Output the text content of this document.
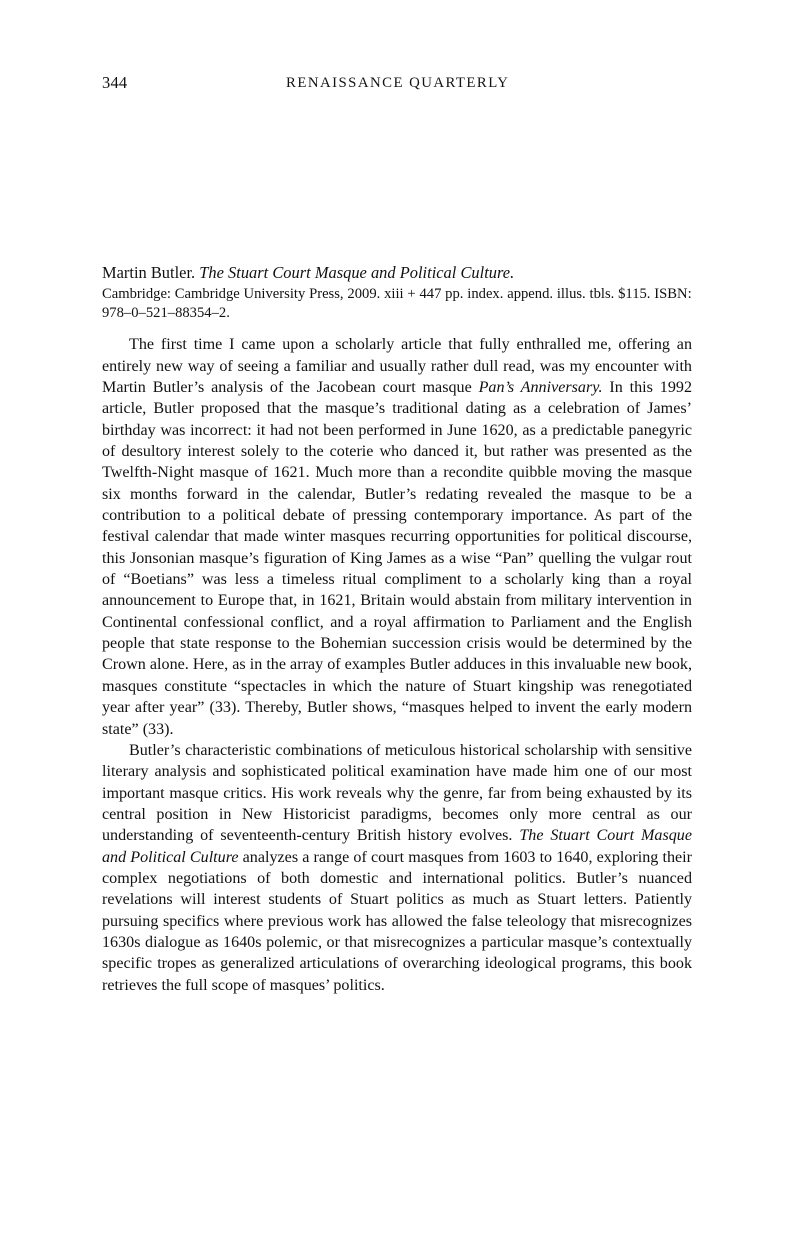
344	RENAISSANCE QUARTERLY

Martin Butler. The Stuart Court Masque and Political Culture.

Cambridge: Cambridge University Press, 2009. xiii + 447 pp. index. append. illus. tbls. $115. ISBN: 978–0–521–88354–2.

The first time I came upon a scholarly article that fully enthralled me, offering an entirely new way of seeing a familiar and usually rather dull read, was my encounter with Martin Butler’s analysis of the Jacobean court masque Pan’s Anniversary. In this 1992 article, Butler proposed that the masque’s traditional dating as a celebration of James’ birthday was incorrect: it had not been performed in June 1620, as a predictable panegyric of desultory interest solely to the coterie who danced it, but rather was presented as the Twelfth-Night masque of 1621. Much more than a recondite quibble moving the masque six months forward in the calendar, Butler’s redating revealed the masque to be a contribution to a political debate of pressing contemporary importance. As part of the festival calendar that made winter masques recurring opportunities for political discourse, this Jonsonian masque’s figuration of King James as a wise “Pan” quelling the vulgar rout of “Boetians” was less a timeless ritual compliment to a scholarly king than a royal announcement to Europe that, in 1621, Britain would abstain from military intervention in Continental confessional conflict, and a royal affirmation to Parliament and the English people that state response to the Bohemian succession crisis would be determined by the Crown alone. Here, as in the array of examples Butler adduces in this invaluable new book, masques constitute “spectacles in which the nature of Stuart kingship was renegotiated year after year” (33). Thereby, Butler shows, “masques helped to invent the early modern state” (33).

Butler’s characteristic combinations of meticulous historical scholarship with sensitive literary analysis and sophisticated political examination have made him one of our most important masque critics. His work reveals why the genre, far from being exhausted by its central position in New Historicist paradigms, becomes only more central as our understanding of seventeenth-century British history evolves. The Stuart Court Masque and Political Culture analyzes a range of court masques from 1603 to 1640, exploring their complex negotiations of both domestic and international politics. Butler’s nuanced revelations will interest students of Stuart politics as much as Stuart letters. Patiently pursuing specifics where previous work has allowed the false teleology that misrecognizes 1630s dialogue as 1640s polemic, or that misrecognizes a particular masque’s contextually specific tropes as generalized articulations of overarching ideological programs, this book retrieves the full scope of masques’ politics.
